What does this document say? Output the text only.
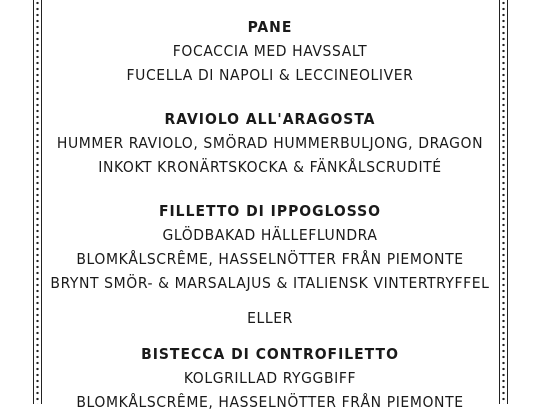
PANE
FOCACCIA MED HAVSSALT
FUCELLA DI NAPOLI & LECCINEOLIVER
RAVIOLO ALL'ARAGOSTA
HUMMER RAVIOLO, SMÖRAD HUMMERBULJONG, DRAGON
INKOKT KRONÄRTSKOCKA & FÄNKÅLSCRUDITÉ
FILLETTO DI IPPOGLOSSO
GLÖDBAKAD HÄLLEFLUNDRA
BLOMKÅLSCRÊME, HASSELNÖTTER FRÅN PIEMONTE
BRYNT SMÖR- & MARSALAJUS & ITALIENSK VINTERTRYFFEL
ELLER
BISTECCA DI CONTROFILETTO
KOLGRILLAD RYGGBIFF
BLOMKÅLSCRÊME, HASSELNÖTTER FRÅN PIEMONTE
